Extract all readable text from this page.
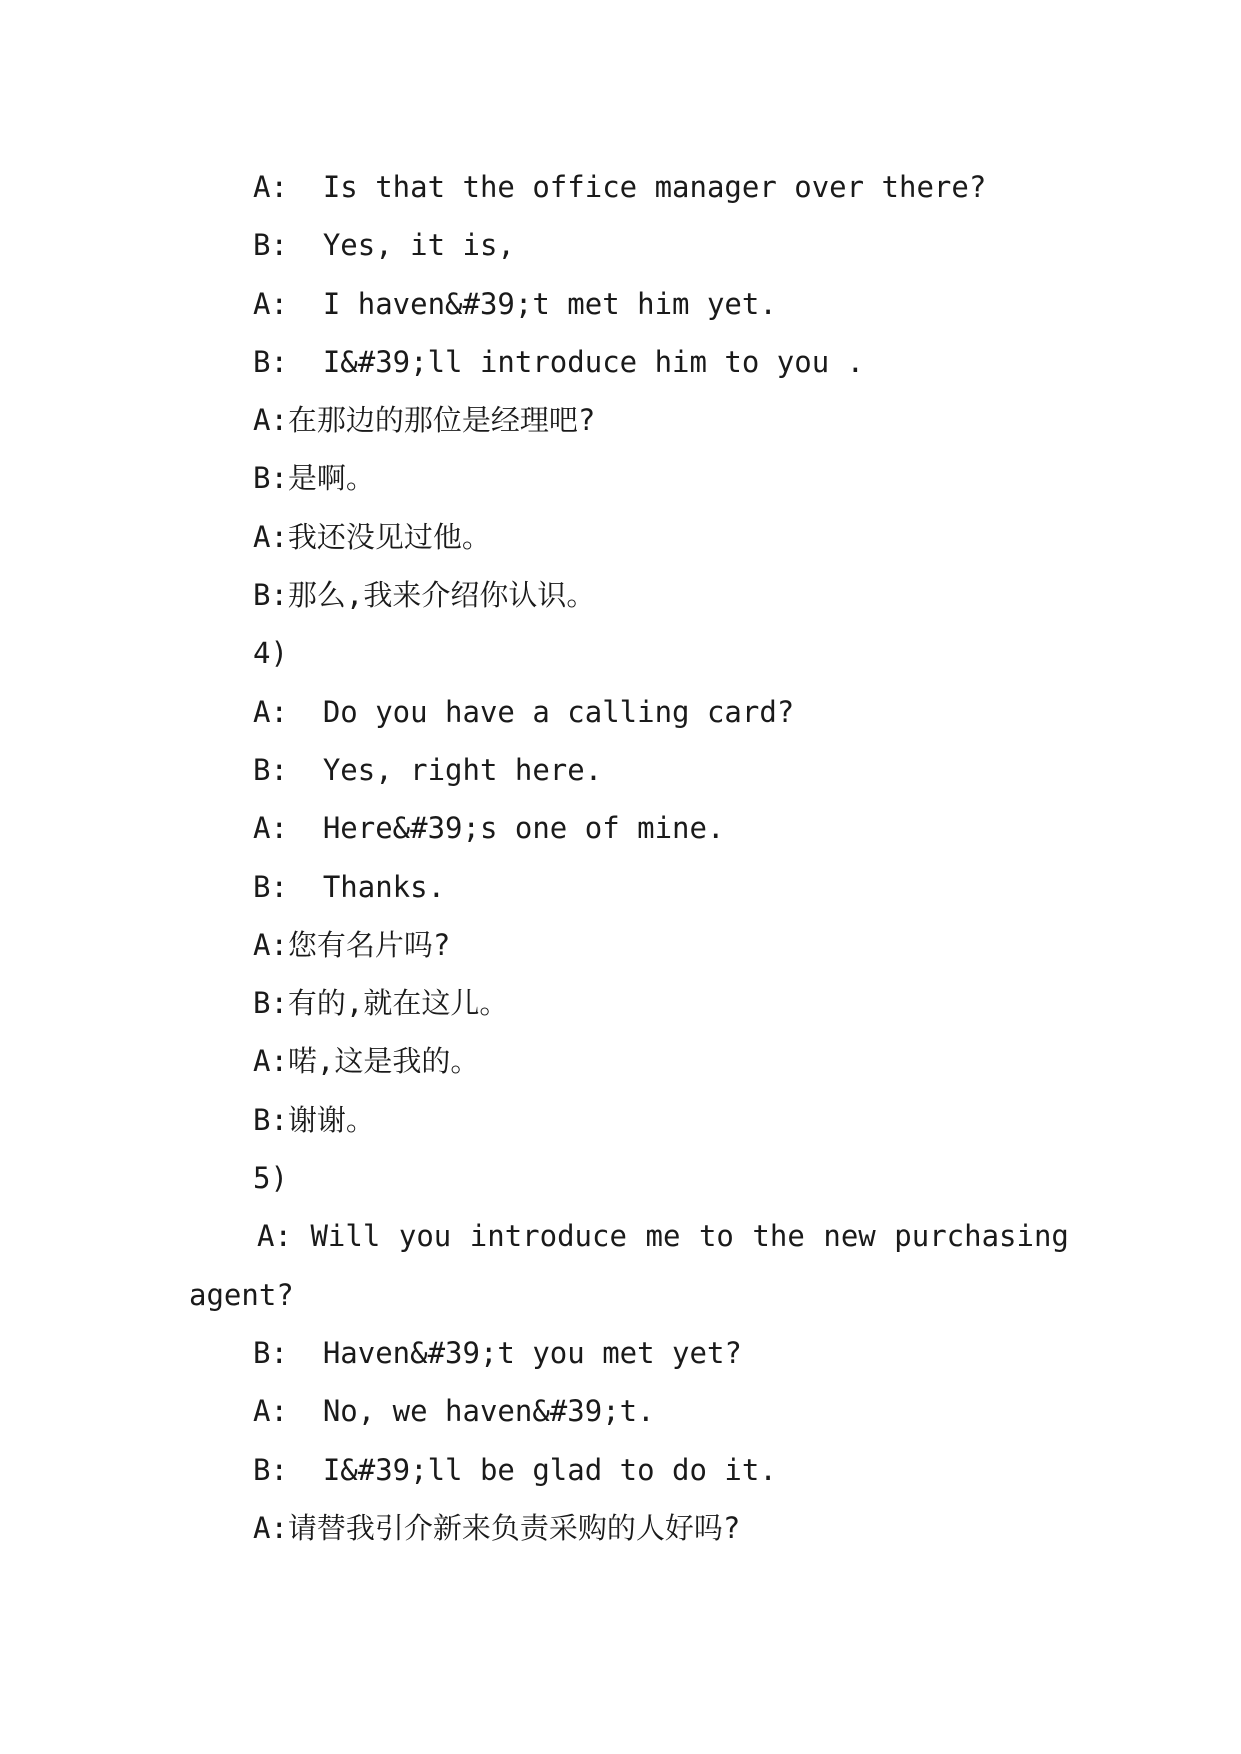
A:  Is that the office manager over there?
B:  Yes, it is,
A:  I haven&#39;t met him yet.
B:  I&#39;ll introduce him to you .
A:在那边的那位是经理吧?
B:是啊。
A:我还没见过他。
B:那么,我来介绍你认识。
4)
A:  Do you have a calling card?
B:  Yes, right here.
A:  Here&#39;s one of mine.
B:  Thanks.
A:您有名片吗?
B:有的,就在这儿。
A:喏,这是我的。
B:谢谢。
5)
A: Will you introduce me to the new purchasing
agent?
B:  Haven&#39;t you met yet?
A:  No, we haven&#39;t.
B:  I&#39;ll be glad to do it.
A:请替我引介新来负责采购的人好吗?
